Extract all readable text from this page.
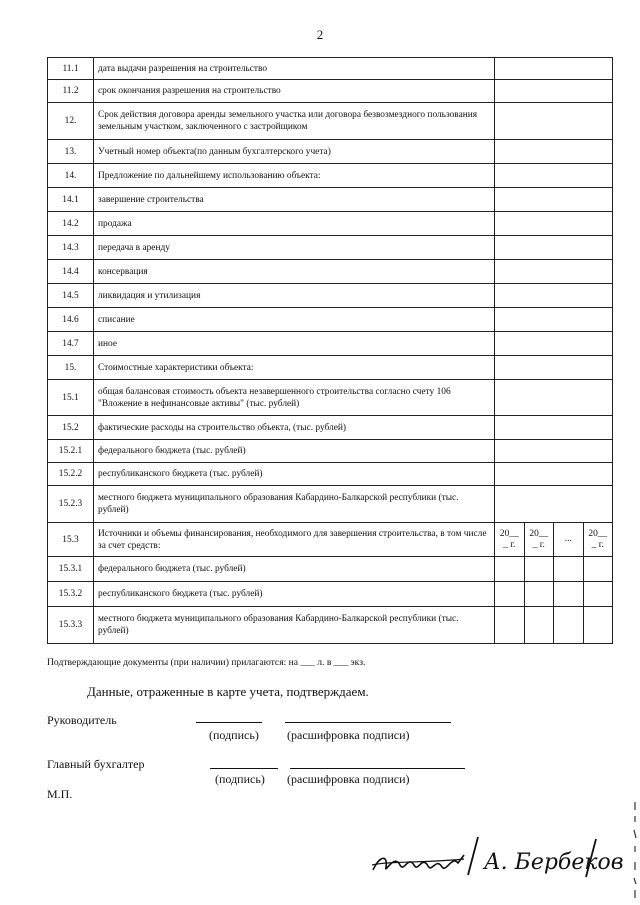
2
11.1	дата выдачи разрешения на строительство				
11.2	срок окончания разрешения на строительство				
12.	Срок действия договора аренды земельного участка или договора безвозмездного пользования земельным участком, заключенного с застройщиком				
13.	Учетный номер объекта(по данным бухгалтерского учета)				
14.	Предложение по дальнейшему использованию объекта:				
14.1	завершение строительства				
14.2	продажа				
14.3	передача в аренду				
14.4	консервация				
14.5	ликвидация и утилизация				
14.6	списание				
14.7	иное				
15.	Стоимостные характеристики объекта:				
15.1	общая балансовая стоимость объекта незавершенного строительства согласно счету 106 "Вложение в нефинансовые активы" (тыс. рублей)				
15.2	фактические расходы на строительство объекта, (тыс. рублей)				
15.2.1	федерального бюджета (тыс. рублей)				
15.2.2	республиканского бюджета (тыс. рублей)				
15.2.3	местного бюджета муниципального образования Кабардино-Балкарской республики (тыс. рублей)				
15.3	Источники и объемы финансирования, необходимого для завершения строительства, в том числе за счет средств:	20__ _ г.	20__ _ г.	...	20__ _ г.
15.3.1	федерального бюджета (тыс. рублей)				
15.3.2	республиканского бюджета (тыс. рублей)				
15.3.3	местного бюджета муниципального образования Кабардино-Балкарской республики (тыс. рублей)				
Подтверждающие документы (при наличии) прилагаются: на ___ л. в ___ экз.
Данные, отраженные в карте учета, подтверждаем.
Руководитель
(подпись) (расшифровка подписи)
Главный бухгалтер
(подпись) (расшифровка подписи)
М.П.
А. Бербеков
